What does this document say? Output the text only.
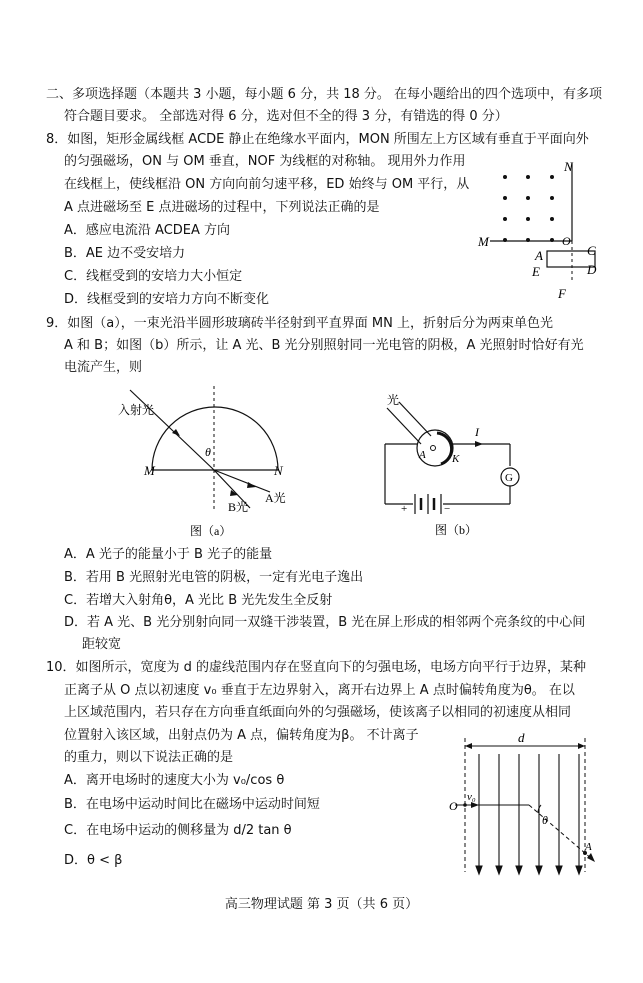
二、多项选择题（本题共 3 小题，每小题 6 分，共 18 分。 在每小题给出的四个选项中，有多项
符合题目要求。 全部选对得 6 分，选对但不全的得 3 分，有错选的得 0 分）
8．如图，矩形金属线框 ACDE 静止在绝缘水平面内，MON 所围左上方区域有垂直于平面向外
的匀强磁场，ON 与 OM 垂直，NOF 为线框的对称轴。 现用外力作用
在线框上，使线框沿 ON 方向向前匀速平移，ED 始终与 OM 平行，从
A 点进磁场至 E 点进磁场的过程中，下列说法正确的是
A．感应电流沿 ACDEA 方向
B．AE 边不受安培力
C．线框受到的安培力大小恒定
D．线框受到的安培力方向不断变化
N
M	O
A	C
E	D
F
9．如图（a），一束光沿半圆形玻璃砖半径射到平直界面 MN 上，折射后分为两束单色光
A 和 B；如图（b）所示，让 A 光、B 光分别照射同一光电管的阴极，A 光照射时恰好有光
电流产生，则
入射光
θ
M	N
A光
B光
图（a）
光
A K
I
G
+	−
图（b）
A．A 光子的能量小于 B 光子的能量
B．若用 B 光照射光电管的阴极，一定有光电子逸出
C．若增大入射角θ，A 光比 B 光先发生全反射
D．若 A 光、B 光分别射向同一双缝干涉装置，B 光在屏上形成的相邻两个亮条纹的中心间
距较宽
10．如图所示，宽度为 d 的虚线范围内存在竖直向下的匀强电场，电场方向平行于边界，某种
正离子从 O 点以初速度 v₀ 垂直于左边界射入，离开右边界上 A 点时偏转角度为θ。 在以
上区域范围内，若只存在方向垂直纸面向外的匀强磁场，使该离子以相同的初速度从相同
位置射入该区域，出射点仍为 A 点，偏转角度为β。 不计离子
的重力，则以下说法正确的是
A．离开电场时的速度大小为 v₀/cos θ
B．在电场中运动时间比在磁场中运动时间短
C．在电场中运动的侧移量为 d/2 tan θ
D．θ < β
d
v₀
O
θ
A
高三物理试题 第 3 页（共 6 页）
